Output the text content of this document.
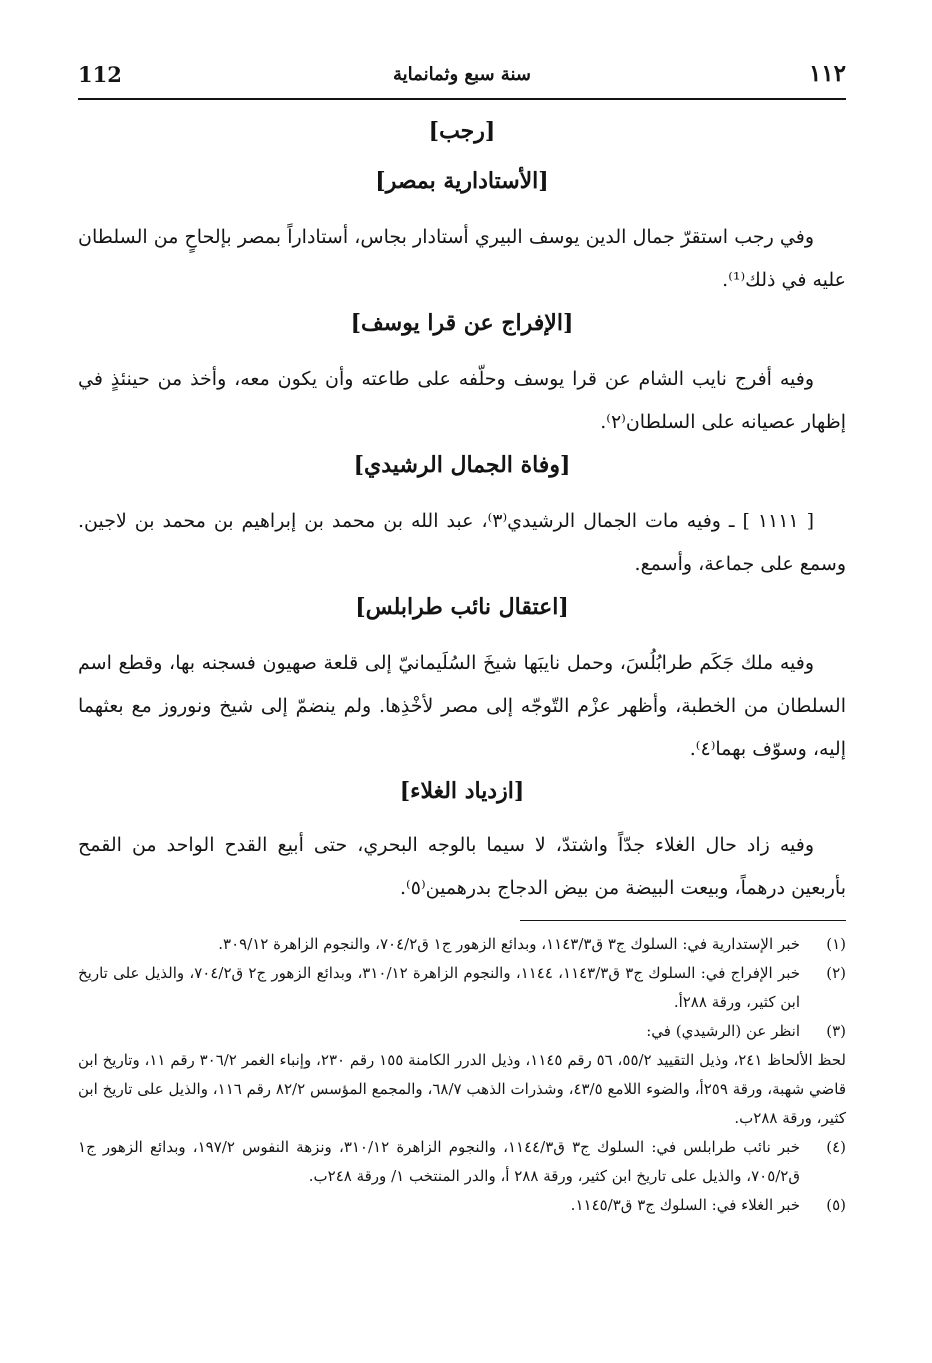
112	سنة سبع وثمانماية	١١٢
[رجب]
[الأستادارية بمصر]
وفي رجب استقرّ جمال الدين يوسف البيري أستادار بجاس، أستاداراً بمصر بإلحاحٍ من السلطان عليه في ذلك⁽¹⁾.
[الإفراج عن قرا يوسف]
وفيه أفرج نايب الشام عن قرا يوسف وحلّفه على طاعته وأن يكون معه، وأخذ من حينئذٍ في إظهار عصيانه على السلطان⁽٢⁾.
[وفاة الجمال الرشيدي]
[ ١١١١ ] ـ وفيه مات الجمال الرشيدي⁽٣⁾، عبد الله بن محمد بن إبراهيم بن محمد بن لاجين. وسمع على جماعة، وأسمع.
[اعتقال نائب طرابلس]
وفيه ملك جَكَم طرابُلُسَ، وحمل نايبَها شيخَ السُلَيمانيّ إلى قلعة صهيون فسجنه بها، وقطع اسم السلطان من الخطبة، وأظهر عزْم التّوجّه إلى مصر لأخْذِها. ولم ينضمّ إلى شيخ ونوروز مع بعثهما إليه، وسوّف بهما⁽٤⁾.
[ازدياد الغلاء]
وفيه زاد حال الغلاء جدّاً واشتدّ، لا سيما بالوجه البحري، حتى أبيع القدح الواحد من القمح بأربعين درهماً، وبيعت البيضة من بيض الدجاج بدرهمين⁽٥⁾.
(١)
خبر الإستدارية في: السلوك ج٣ ق١١٤٣/٣، وبدائع الزهور ج١ ق٧٠٤/٢، والنجوم الزاهرة ٣٠٩/١٢.
(٢)
خبر الإفراج في: السلوك ج٣ ق١١٤٣/٣، ١١٤٤، والنجوم الزاهرة ٣١٠/١٢، وبدائع الزهور ج٢ ق٧٠٤/٢، والذيل على تاريخ ابن كثير، ورقة ٢٨٨أ.
(٣)
انظر عن (الرشيدي) في:
لحظ الألحاظ ٢٤١، وذيل التقييد ٥٥/٢، ٥٦ رقم ١١٤٥، وذيل الدرر الكامنة ١٥٥ رقم ٢٣٠، وإنباء الغمر ٣٠٦/٢ رقم ١١، وتاريخ ابن قاضي شهبة، ورقة ٢٥٩أ، والضوء اللامع ٤٣/٥، وشذرات الذهب ٦٨/٧، والمجمع المؤسس ٨٢/٢ رقم ١١٦، والذيل على تاريخ ابن كثير، ورقة ٢٨٨ب.
(٤)
خبر نائب طرابلس في: السلوك ج٣ ق١١٤٤/٣، والنجوم الزاهرة ٣١٠/١٢، ونزهة النفوس ١٩٧/٢، وبدائع الزهور ج١ ق٧٠٥/٢، والذيل على تاريخ ابن كثير، ورقة ٢٨٨ أ، والدر المنتخب ١/ ورقة ٢٤٨ب.
(٥)
خبر الغلاء في: السلوك ج٣ ق١١٤٥/٣.
